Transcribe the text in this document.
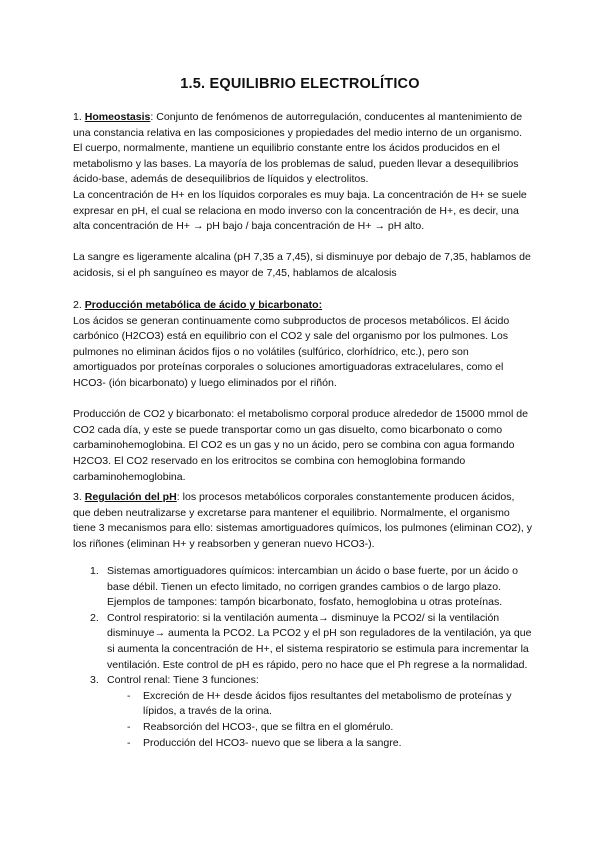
1.5. EQUILIBRIO ELECTROLÍTICO

1. Homeostasis: Conjunto de fenómenos de autorregulación, conducentes al mantenimiento de una constancia relativa en las composiciones y propiedades del medio interno de un organismo.

El cuerpo, normalmente, mantiene un equilibrio constante entre los ácidos producidos en el metabolismo y las bases. La mayoría de los problemas de salud, pueden llevar a desequilibrios ácido-base, además de desequilibrios de líquidos y electrolitos.

La concentración de H+ en los líquidos corporales es muy baja. La concentración de H+ se suele expresar en pH, el cual se relaciona en modo inverso con la concentración de H+, es decir, una alta concentración de H+ → pH bajo / baja concentración de H+ → pH alto.

La sangre es ligeramente alcalina (pH 7,35 a 7,45), si disminuye por debajo de 7,35, hablamos de acidosis, si el ph sanguíneo es mayor de 7,45, hablamos de alcalosis

2. Producción metabólica de ácido y bicarbonato:

Los ácidos se generan continuamente como subproductos de procesos metabólicos. El ácido carbónico (H2CO3) está en equilibrio con el CO2 y sale del organismo por los pulmones. Los pulmones no eliminan ácidos fijos o no volátiles (sulfúrico, clorhídrico, etc.), pero son amortiguados por proteínas corporales o soluciones amortiguadoras extracelulares, como el HCO3- (ión bicarbonato) y luego eliminados por el riñón.

Producción de CO2 y bicarbonato: el metabolismo corporal produce alrededor de 15000 mmol de CO2 cada día, y este se puede transportar como un gas disuelto, como bicarbonato o como carbaminohemoglobina. El CO2 es un gas y no un ácido, pero se combina con agua formando H2CO3. El CO2 reservado en los eritrocitos se combina con hemoglobina formando carbaminohemoglobina.

3. Regulación del pH: los procesos metabólicos corporales constantemente producen ácidos, que deben neutralizarse y excretarse para mantener el equilibrio. Normalmente, el organismo tiene 3 mecanismos para ello: sistemas amortiguadores químicos, los pulmones (eliminan CO2), y los riñones (eliminan H+ y reabsorben y generan nuevo HCO3-).

1. Sistemas amortiguadores químicos: intercambian un ácido o base fuerte, por un ácido o base débil. Tienen un efecto limitado, no corrigen grandes cambios o de largo plazo. Ejemplos de tampones: tampón bicarbonato, fosfato, hemoglobina u otras proteínas.
2. Control respiratorio: si la ventilación aumenta→ disminuye la PCO2/ si la ventilación disminuye→ aumenta la PCO2. La PCO2 y el pH son reguladores de la ventilación, ya que si aumenta la concentración de H+, el sistema respiratorio se estimula para incrementar la ventilación. Este control de pH es rápido, pero no hace que el Ph regrese a la normalidad.
3. Control renal: Tiene 3 funciones:
- Excreción de H+ desde ácidos fijos resultantes del metabolismo de proteínas y lípidos, a través de la orina.
- Reabsorción del HCO3-, que se filtra en el glomérulo.
- Producción del HCO3- nuevo que se libera a la sangre.
